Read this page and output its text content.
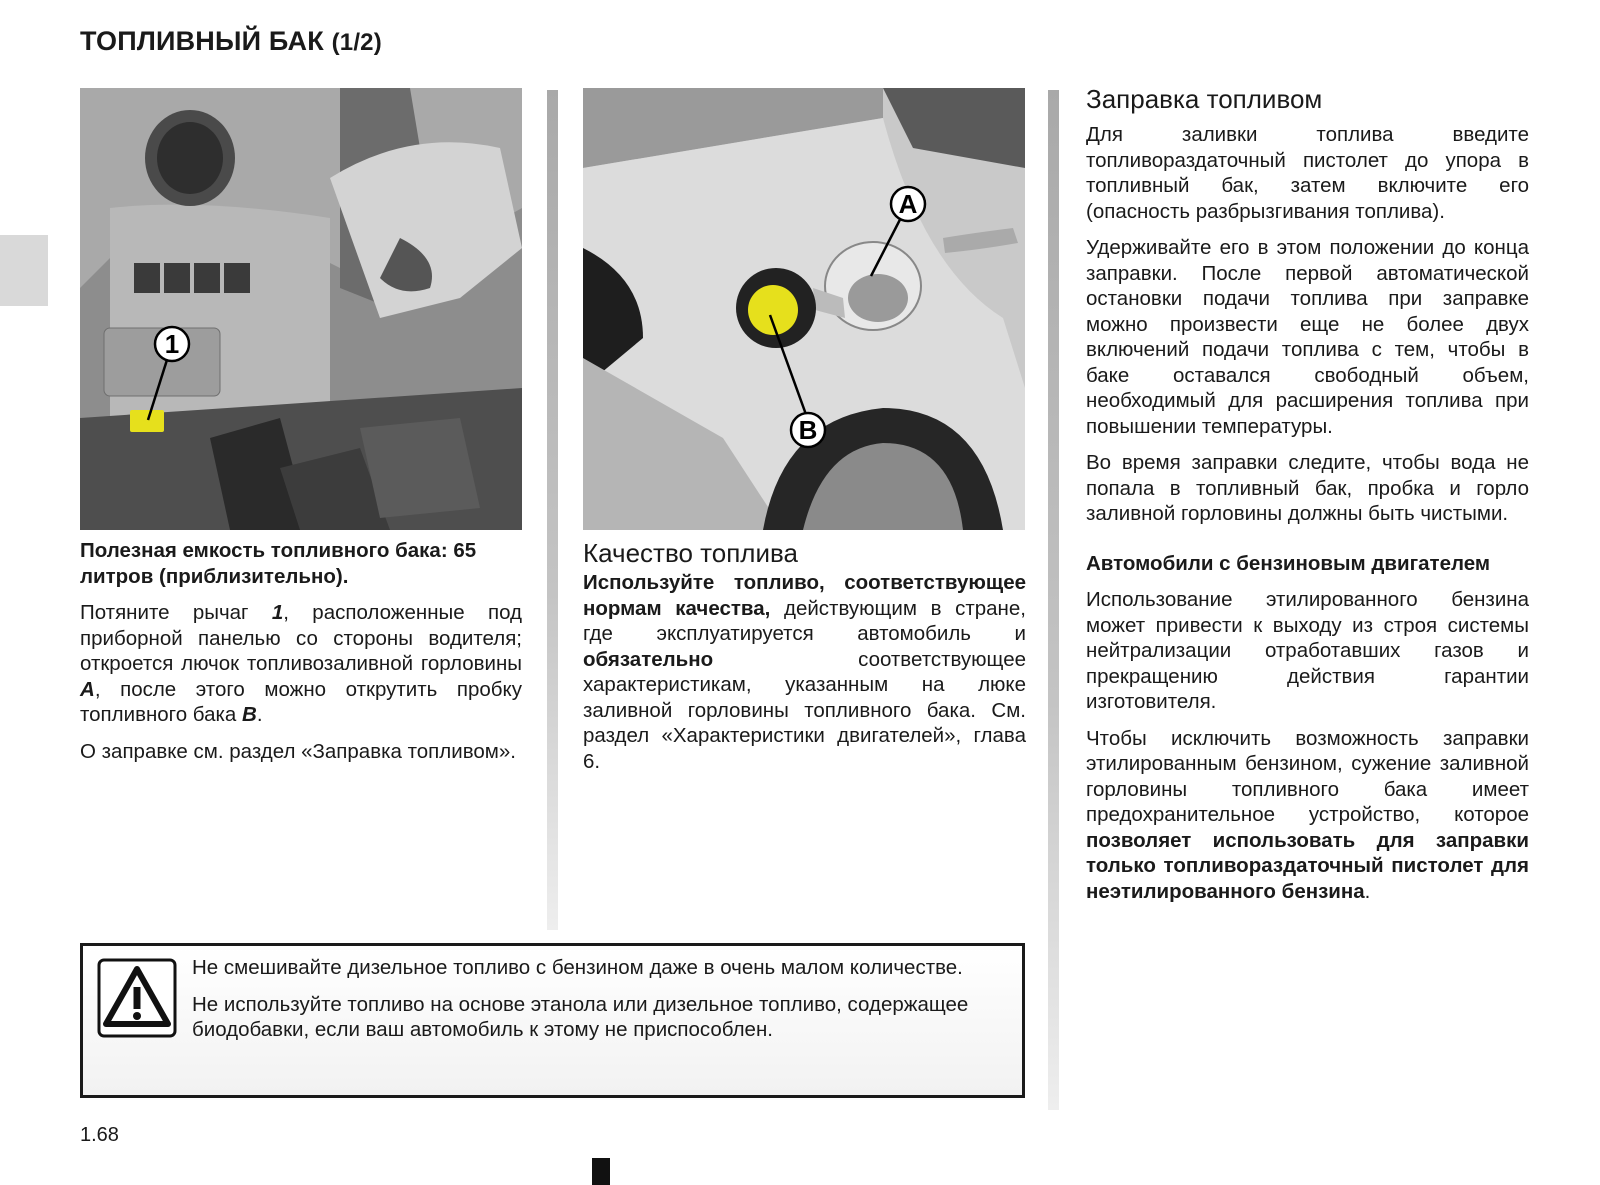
ТОПЛИВНЫЙ БАК (1/2)
1
A
B

Полезная емкость топливного бака: 65 литров (приблизительно).

Потяните рычаг 1, расположенные под приборной панелью со стороны водителя; откроется лючок топливозаливной горловины A, после этого можно открутить пробку топливного бака B.

О заправке см. раздел «Заправка топливом».

Качество топлива

Используйте топливо, соответствующее нормам качества, действующим в стране, где эксплуатируется автомобиль и обязательно соответствующее характеристикам, указанным на люке заливной горловины топливного бака. См. раздел «Характеристики двигателей», глава 6.

Заправка топливом

Для заливки топлива введите топливораздаточный пистолет до упора в топливный бак, затем включите его (опасность разбрызгивания топлива).

Удерживайте его в этом положении до конца заправки. После первой автоматической остановки подачи топлива при заправке можно произвести еще не более двух включений подачи топлива с тем, чтобы в баке оставался свободный объем, необходимый для расширения топлива при повышении температуры.

Во время заправки следите, чтобы вода не попала в топливный бак, пробка и горло заливной горловины должны быть чистыми.

Автомобили с бензиновым двигателем

Использование этилированного бензина может привести к выходу из строя системы нейтрализации отработавших газов и прекращению действия гарантии изготовителя.

Чтобы исключить возможность заправки этилированным бензином, сужение заливной горловины топливного бака имеет предохранительное устройство, которое позволяет использовать для заправки только топливораздаточный пистолет для неэтилированного бензина.

Не смешивайте дизельное топливо с бензином даже в очень малом количестве.

Не используйте топливо на основе этанола или дизельное топливо, содержащее биодобавки, если ваш автомобиль к этому не приспособлен.

1.68
